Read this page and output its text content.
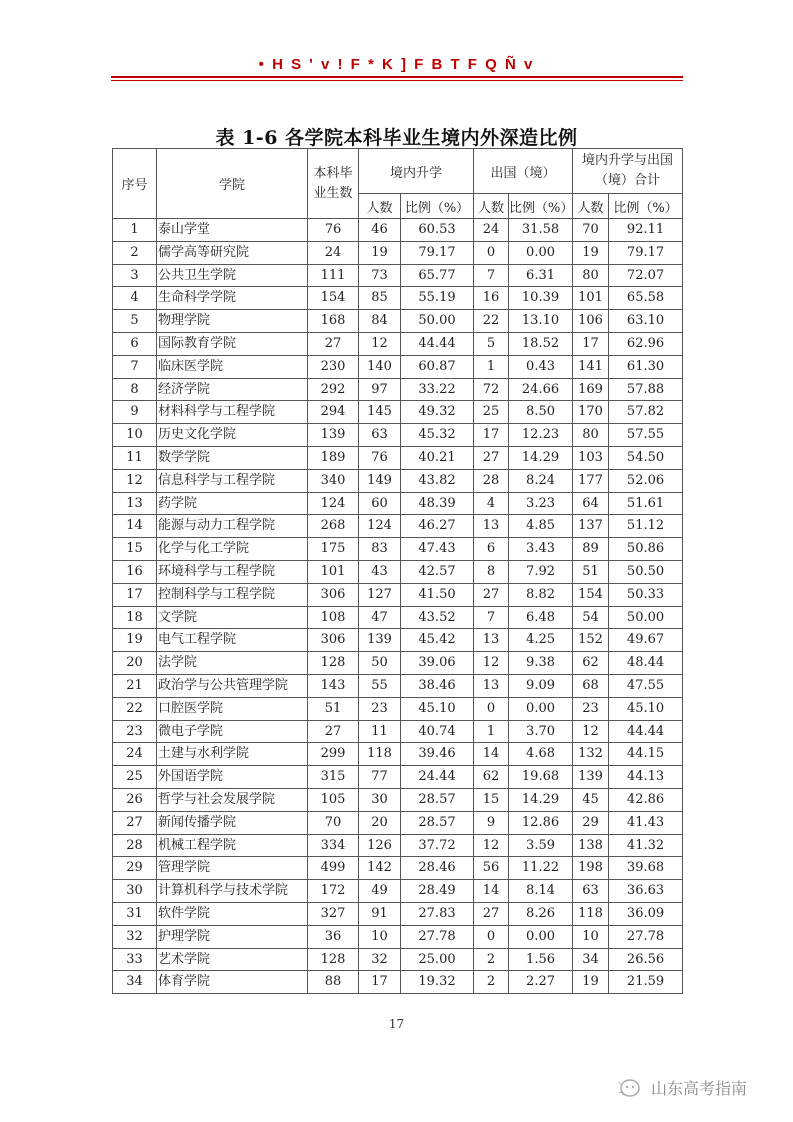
• H S ' v ! F * K ] F B T F Q Ñ v
表 1-6 各学院本科毕业生境内外深造比例
序号	学院	本科毕业生数	境内升学		出国（境）		境内升学与出国（境）合计	
			人数	比例（%）	人数	比例（%）	人数	比例（%）
1	泰山学堂	76	46	60.53	24	31.58	70	92.11
2	儒学高等研究院	24	19	79.17	0	0.00	19	79.17
3	公共卫生学院	111	73	65.77	7	6.31	80	72.07
4	生命科学学院	154	85	55.19	16	10.39	101	65.58
5	物理学院	168	84	50.00	22	13.10	106	63.10
6	国际教育学院	27	12	44.44	5	18.52	17	62.96
7	临床医学院	230	140	60.87	1	0.43	141	61.30
8	经济学院	292	97	33.22	72	24.66	169	57.88
9	材料科学与工程学院	294	145	49.32	25	8.50	170	57.82
10	历史文化学院	139	63	45.32	17	12.23	80	57.55
11	数学学院	189	76	40.21	27	14.29	103	54.50
12	信息科学与工程学院	340	149	43.82	28	8.24	177	52.06
13	药学院	124	60	48.39	4	3.23	64	51.61
14	能源与动力工程学院	268	124	46.27	13	4.85	137	51.12
15	化学与化工学院	175	83	47.43	6	3.43	89	50.86
16	环境科学与工程学院	101	43	42.57	8	7.92	51	50.50
17	控制科学与工程学院	306	127	41.50	27	8.82	154	50.33
18	文学院	108	47	43.52	7	6.48	54	50.00
19	电气工程学院	306	139	45.42	13	4.25	152	49.67
20	法学院	128	50	39.06	12	9.38	62	48.44
21	政治学与公共管理学院	143	55	38.46	13	9.09	68	47.55
22	口腔医学院	51	23	45.10	0	0.00	23	45.10
23	微电子学院	27	11	40.74	1	3.70	12	44.44
24	土建与水利学院	299	118	39.46	14	4.68	132	44.15
25	外国语学院	315	77	24.44	62	19.68	139	44.13
26	哲学与社会发展学院	105	30	28.57	15	14.29	45	42.86
27	新闻传播学院	70	20	28.57	9	12.86	29	41.43
28	机械工程学院	334	126	37.72	12	3.59	138	41.32
29	管理学院	499	142	28.46	56	11.22	198	39.68
30	计算机科学与技术学院	172	49	28.49	14	8.14	63	36.63
31	软件学院	327	91	27.83	27	8.26	118	36.09
32	护理学院	36	10	27.78	0	0.00	10	27.78
33	艺术学院	128	32	25.00	2	1.56	34	26.56
34	体育学院	88	17	19.32	2	2.27	19	21.59
17
山东高考指南
